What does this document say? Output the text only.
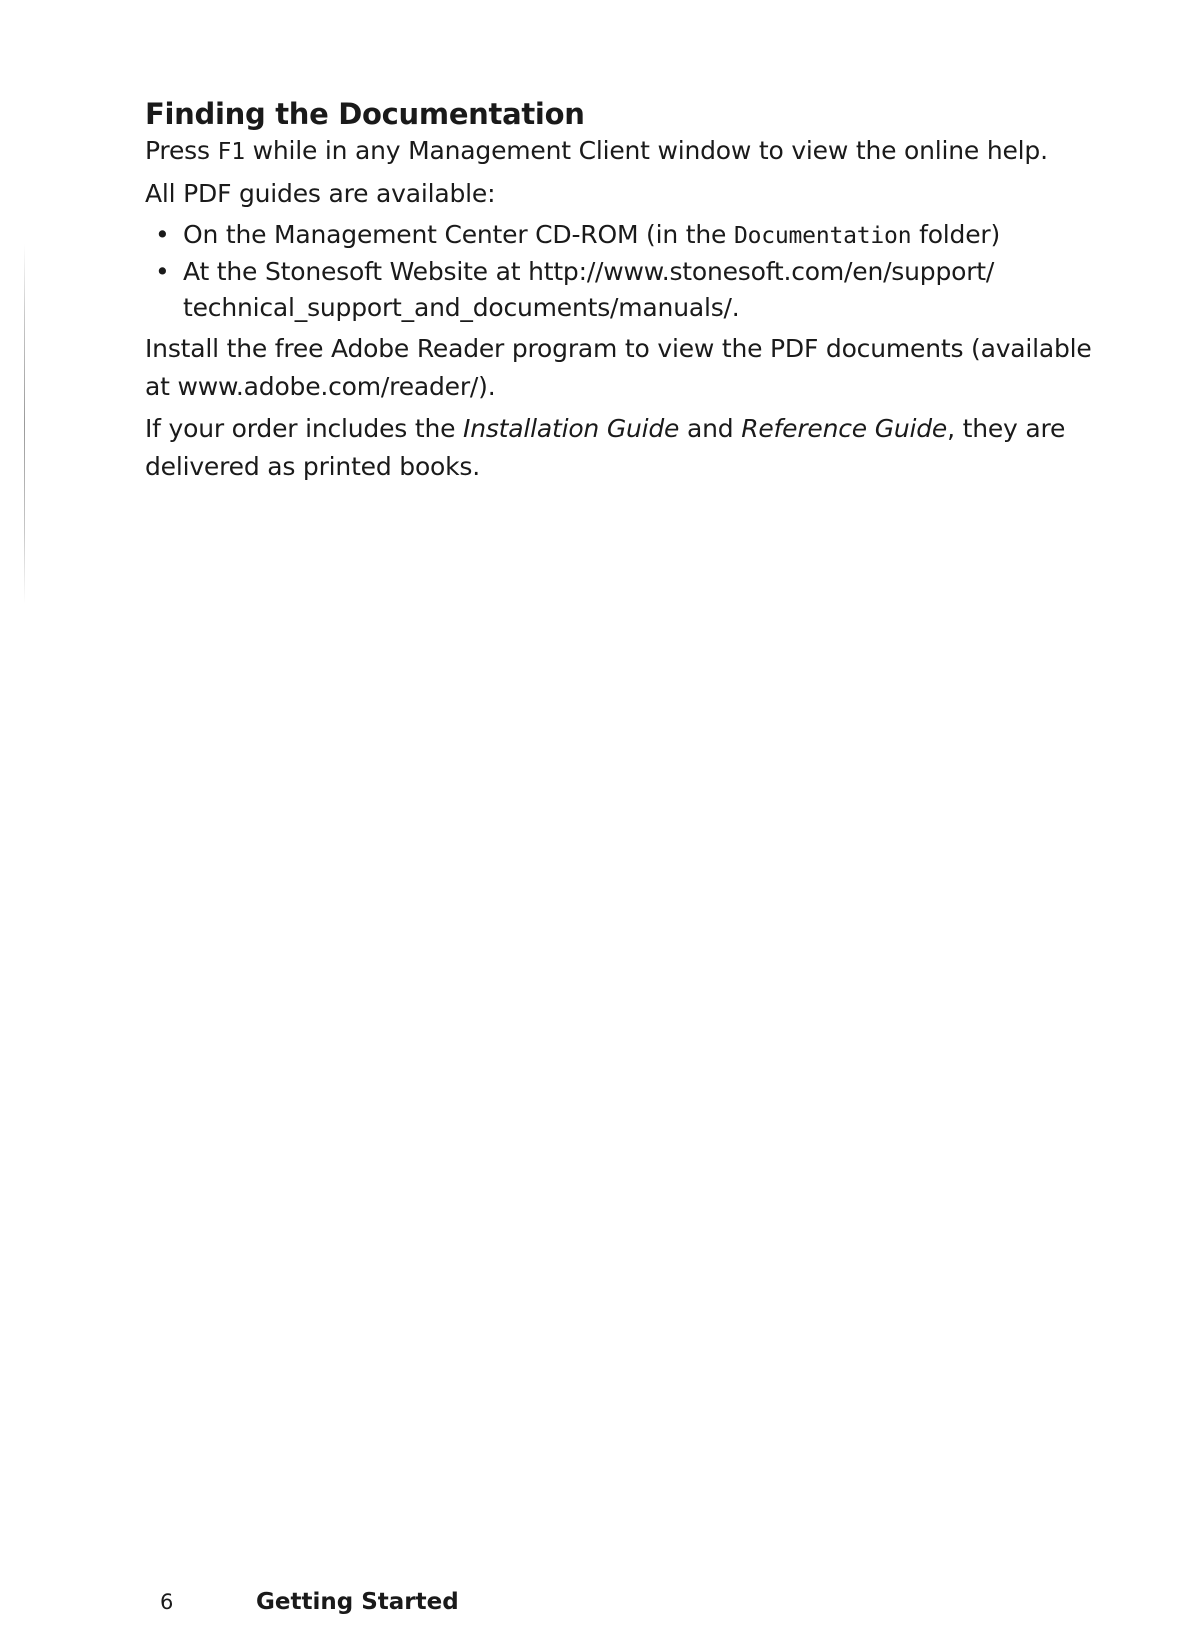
Finding the Documentation

Press F1 while in any Management Client window to view the online help.

All PDF guides are available:

• On the Management Center CD-ROM (in the Documentation folder)
• At the Stonesoft Website at http://www.stonesoft.com/en/support/ technical_support_and_documents/manuals/.

Install the free Adobe Reader program to view the PDF documents (available at www.adobe.com/reader/).

If your order includes the Installation Guide and Reference Guide, they are delivered as printed books.

6	Getting Started
